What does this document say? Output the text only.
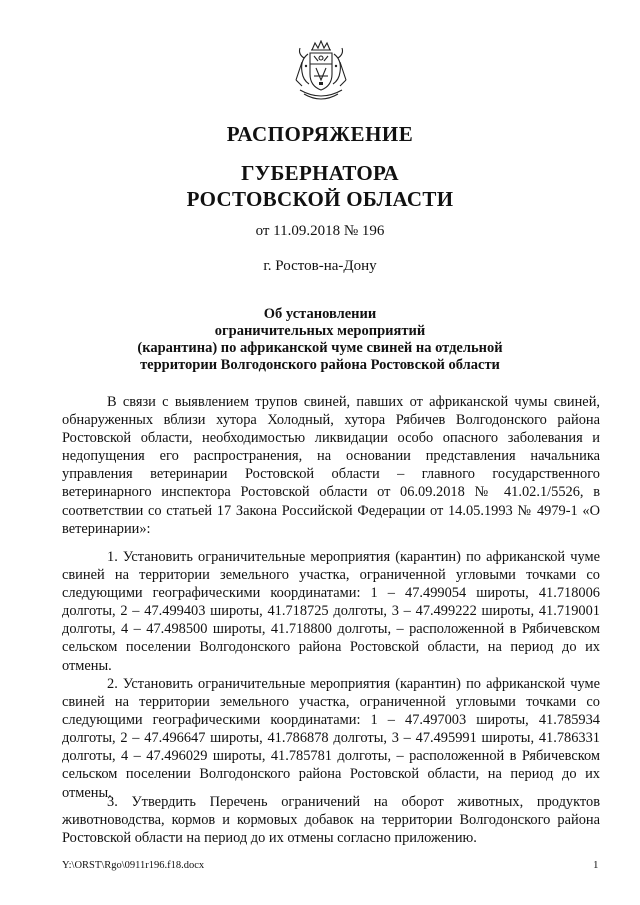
РАСПОРЯЖЕНИЕ
ГУБЕРНАТОРА
РОСТОВСКОЙ ОБЛАСТИ
от 11.09.2018 № 196
г. Ростов-на-Дону
Об установлении
ограничительных мероприятий
(карантина) по африканской чуме свиней на отдельной
территории Волгодонского района Ростовской области

В связи с выявлением трупов свиней, павших от африканской чумы свиней, обнаруженных вблизи хутора Холодный, хутора Рябичев Волгодонского района Ростовской области, необходимостью ликвидации особо опасного заболевания и недопущения его распространения, на основании представления начальника управления ветеринарии Ростовской области – главного государственного ветеринарного инспектора Ростовской области от 06.09.2018 № 41.02.1/5526, в соответствии со статьей 17 Закона Российской Федерации от 14.05.1993 № 4979-1 «О ветеринарии»:

1. Установить ограничительные мероприятия (карантин) по африканской чуме свиней на территории земельного участка, ограниченной угловыми точками со следующими географическими координатами: 1 – 47.499054 широты, 41.718006 долготы, 2 – 47.499403 широты, 41.718725 долготы, 3 – 47.499222 широты, 41.719001 долготы, 4 – 47.498500 широты, 41.718800 долготы, – расположенной в Рябичевском сельском поселении Волгодонского района Ростовской области, на период до их отмены.

2. Установить ограничительные мероприятия (карантин) по африканской чуме свиней на территории земельного участка, ограниченной угловыми точками со следующими географическими координатами: 1 – 47.497003 широты, 41.785934 долготы, 2 – 47.496647 широты, 41.786878 долготы, 3 – 47.495991 широты, 41.786331 долготы, 4 – 47.496029 широты, 41.785781 долготы, – расположенной в Рябичевском сельском поселении Волгодонского района Ростовской области, на период до их отмены.

3. Утвердить Перечень ограничений на оборот животных, продуктов животноводства, кормов и кормовых добавок на территории Волгодонского района Ростовской области на период до их отмены согласно приложению.

Y:\ORST\Rgo\0911r196.f18.docx	1
